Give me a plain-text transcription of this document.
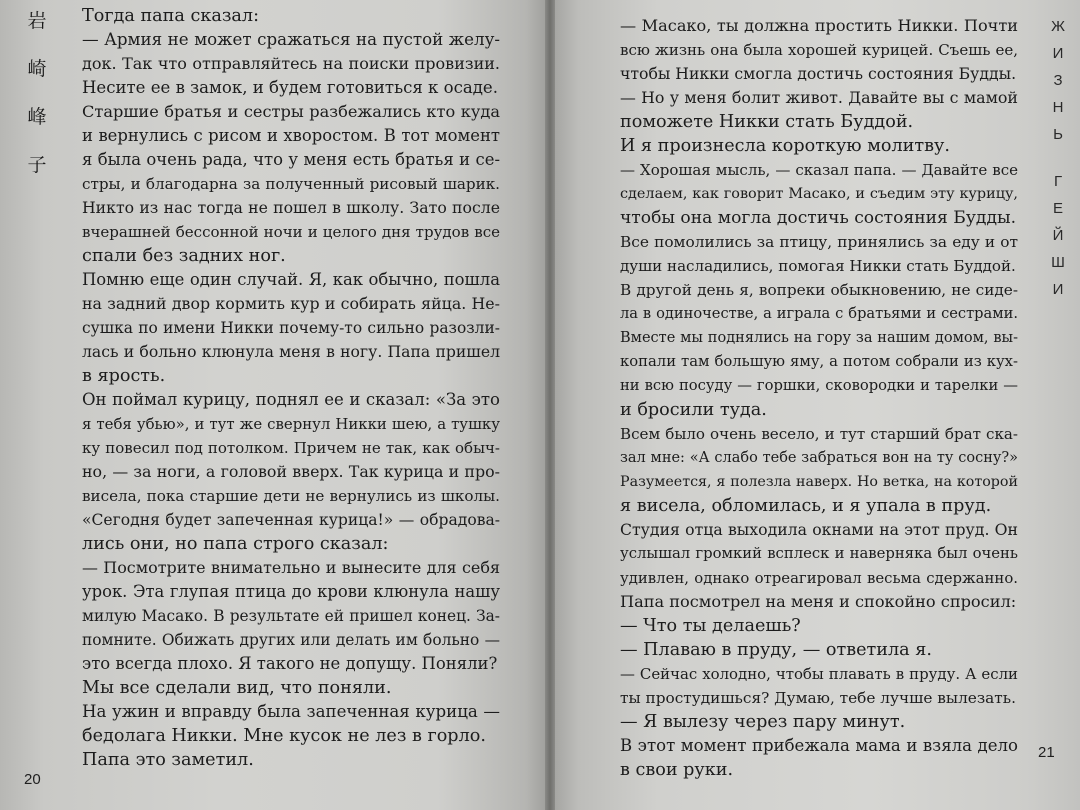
岩
崎
峰
子
Тогда папа сказал:
— Армия не может сражаться на пустой желу-
док. Так что отправляйтесь на поиски провизии.
Несите ее в замок, и будем готовиться к осаде.
Старшие братья и сестры разбежались кто куда
и вернулись с рисом и хворостом. В тот момент
я была очень рада, что у меня есть братья и се-
стры, и благодарна за полученный рисовый шарик.
Никто из нас тогда не пошел в школу. Зато после
вчерашней бессонной ночи и целого дня трудов все
спали без задних ног.
Помню еще один случай. Я, как обычно, пошла
на задний двор кормить кур и собирать яйца. Не-
сушка по имени Никки почему-то сильно разозли-
лась и больно клюнула меня в ногу. Папа пришел
в ярость.
Он поймал курицу, поднял ее и сказал: «За это
я тебя убью», и тут же свернул Никки шею, а тушку
ку повесил под потолком. Причем не так, как обыч-
но, — за ноги, а головой вверх. Так курица и про-
висела, пока старшие дети не вернулись из школы.
«Сегодня будет запеченная курица!» — обрадова-
лись они, но папа строго сказал:
— Посмотрите внимательно и вынесите для себя
урок. Эта глупая птица до крови клюнула нашу
милую Масако. В результате ей пришел конец. За-
помните. Обижать других или делать им больно —
это всегда плохо. Я такого не допущу. Поняли?
Мы все сделали вид, что поняли.
На ужин и вправду была запеченная курица —
бедолага Никки. Мне кусок не лез в горло.
Папа это заметил.
— Масако, ты должна простить Никки. Почти
всю жизнь она была хорошей курицей. Съешь ее,
чтобы Никки смогла достичь состояния Будды.
— Но у меня болит живот. Давайте вы с мамой
поможете Никки стать Буддой.
И я произнесла короткую молитву.
— Хорошая мысль, — сказал папа. — Давайте все
сделаем, как говорит Масако, и съедим эту курицу,
чтобы она могла достичь состояния Будды.
Все помолились за птицу, принялись за еду и от
души насладились, помогая Никки стать Буддой.
В другой день я, вопреки обыкновению, не сиде-
ла в одиночестве, а играла с братьями и сестрами.
Вместе мы поднялись на гору за нашим домом, вы-
копали там большую яму, а потом собрали из кух-
ни всю посуду — горшки, сковородки и тарелки —
и бросили туда.
Всем было очень весело, и тут старший брат ска-
зал мне: «А слабо тебе забраться вон на ту сосну?»
Разумеется, я полезла наверх. Но ветка, на которой
я висела, обломилась, и я упала в пруд.
Студия отца выходила окнами на этот пруд. Он
услышал громкий всплеск и наверняка был очень
удивлен, однако отреагировал весьма сдержанно.
Папа посмотрел на меня и спокойно спросил:
— Что ты делаешь?
— Плаваю в пруду, — ответила я.
— Сейчас холодно, чтобы плавать в пруду. А если
ты простудишься? Думаю, тебе лучше вылезать.
— Я вылезу через пару минут.
В этот момент прибежала мама и взяла дело
в свои руки.
Ж
И
З
Н
Ь
Г
Е
Й
Ш
И
20
21
